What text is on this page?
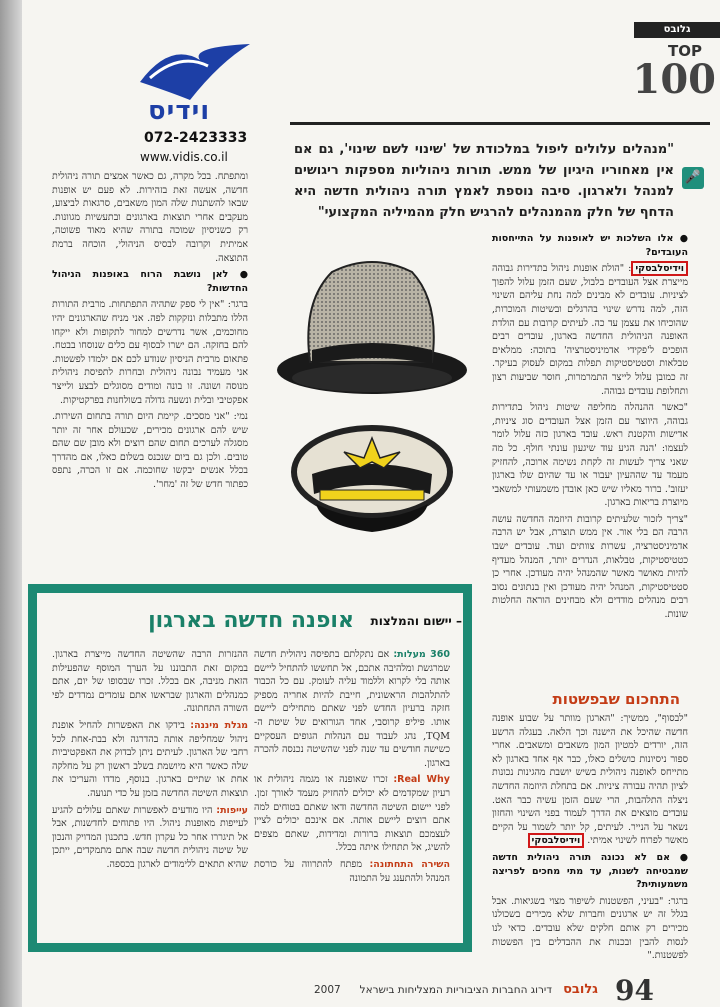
וידיס
072-2423333
www.vidis.co.il
גלובס
TOP
100
🎤
"מנהלים עלולים ליפול במלכודת של 'שינוי לשם שינוי', גם אם אין מאחוריו היגיון של ממש. תורות ניהוליות מספקות ריגושים למנהל ולארגון. סיבה נוספת לאמץ תורה ניהולית חדשה היא הדחף של חלק מהמנהלים להרגיש חלק מהמיליה המקצועי"

● אלו השלכות יש לאופנות על התייחסות העובדים?

וידיסלבסקי: "הולת אופנות ניהול בתדירות גבוהה מייצרת אצל העובדים בלבול, שעם הזמן עלול להפוך לציניות. עובדים לא מבינים למה נחת עליהם השינוי הזה, למה נדרש שינוי בהרגלים ובשיטות המוכרות, שהוכיחו את עצמן עד כה. לעיתים קרובות עם הולדת האופנה הניהולית החדשה בארגון, עובדים רבים הופכים ל'פקידי אדמיניסטרציה' בתוכה: ממלאים טבלאות וסטטיסטיקות תפלות במקום לעסוק בעיקר. זה כמובן עלול לייצר התמרמרות, חוסר שביעות רצון ותחלופת עובדים גבוהה.

"כאשר ההנהלה מחליפה שיטות ניהול בתדירות גבוהה, היווצר עם הזמן אצל העובדים סוג ציניות, אדישות והקטנת ראש. עובד בארגון כזה עלול לומר לעצמו: 'הנה הגיע עוד שיגעון עונתי חולף. כל מה שאני צריך לעשות זה לקחת נשימה ארוכה, להחזיק מעמד עד שההעיון יעבור או עד שהיום שלו בארגון יעזוב'. ברור מאליו שיש כאן אובדן משמעותי למשאבי מיוצרת בריאות בארגון.

"צריך לזכור שלעיתים קרובות היוזמה החדשה עושה הרבה הם בלי אור. אין ממש תוצרת, אבל יש הרבה אדמיניסטרציה, עשרות צוותים ועוד. עובדים ישבו כטטיסטיקות, טבלאות, הנדרים יותר, המנהל מעדיף להיות מאושר מאשר שהמנהל יהיה מעודכן. אחרי כן סטטיסטיקות, המנהל יהיה מעודכן ואין בנתונים נסוב רבים מנהלים מודדים ולא מבחינים הוראה החלטות שונות.

ומתפתח. בכל מקרה, גם כאשר אמצים תורה ניהולית חדשה, אעשה זאת בזהירות. לא פעם יש אופנות שבאו להשתנות שלה המון משאבים, סרגאות לביצוע, מעקבים אחרי תוצאות בארגונים ובתעשיות מגוונות. רק כשניסיון שמוכה בתורה שהיא מאוד פשוטה, אמיתית וקרובה לבסיס הניהולי, הוכחה ברמת התוצאה.

● לאן נושבת הרוח באופנות הניהול החדשות?

ברגר: "אין לי ספק שתהיה התפתחות. מרבית התורות הללו מתבלות ונזקקות לפה. אני מניח שהארגונים יהיו מחוכמים, אשר נדרשים למחור לתקופות ולא ייקחו להם בחזקה. הם ישרו לבסוף עם כלים שנוסחו בבטח. פתאום מרבית הניסיון שנודע לכם אם ילמדו לפשטות. אני מעמיד נבונה ניהולית ובחרות לתפיסת ניהולית מנוסה ושונה. זו בונה ומודים מסוגלים לבצע ולייצר אפקטיבי ובלית ונשעה גדולה בשולחנות בפרקטיקות.

נמי: "אני מסכים. קיימת היום תורה בתחום השירות. שיש להם ארגונים מכירים, שכעולם אחר זה יותר מסגלה לערכים תחום שהם רוצים ולא מובן שם שהם טובים. ולכן גם ביום שנכנס בשלום כאלו, אם מהדרך בכלל אנשים יבקשו שחוכמה. אם זו הכרה, נתפס כפתור חדש של זה 'מחר'.

התחכום שבפשטות

"לבסוף", ממשיך: "הארגון מוותר על שבוע אופנה חדשה שהיכל את הישנה וכך הלאה. בעגלה הרשע הזה, יורדים למטיון המון משאבים ומשאבים. אחרי ספור ניסיונות כושלים כאלו, כבר אף אחד בארגון לא מתייחס לאופנה ניהולית בשיש יושבת מהגינות נכונות לציון תהיה עבורה ציניות. אם בתחלת היוזמה החדשה ניצלה התלהבות, הרי שעם הזמן עשיה כבר האט. עובדים מוצאים את הדרך לעמוד בפני השינוי והחזון נשאר על הנייר. לעיתים, קל יותר לשמור על הקיים מאשר לפרוח לשינוי אמיתי. וידיסלבסקי

● אם לא נכונה תורה ניהולית חדשה שמבטיחה לשנות, עד מתי מחכים לפריצה משמעותית?

ברגר: "בעיני, הפשטנות לשיפור מצוי בשגיאות. אבל בגלל זה יש ארגונים וחברות שלא מכירים בשכולנו מכירים רק אותם חלקים שלא עובדים. כדאי לנו לנסות להבין ובכנות את ההבדלים בין הפשטות לפשטנות."

אופנה חדשה בארגון – יישום והמלצות

360 מעלות: אם נתקלתם בתפיסה ניהולית חדשה שמרגשת ומלהיבה אתכם, אל תחששו להתחיל ליישם אותה בלי לקרוא וללמוד עליה לעומק. עם כל הכבוד להתלהבות הראשונית, חייבת להיות אחריה מספיק חזקה ברעיון החדש לפני שאתם מתחילים ליישם אותו. פיליפ קרוסבי, אחד הגורואים של שיטת ה-TQM, נהג לעבוד עם הנהלות הגופים העסקיים כשישה חודשים עד שנה לפני שהשיטה נכנסה להכרה בארגון.

Real Why: זכרו שאופנה או מגמה ניהולית או רעיון שמקדמים לא יכולים להחזיק מעמד לאורך זמן. לפני יישום השיטה החדשה ודאו שאתם בטוחים למה אתם רוצים ליישם אותה. אם אינכם יכולים לציין לעצמכם תוצאות ברורות ומדידות, שאתם מצפים להשיג, אל תתחילו איתה בכלל.

השירה התחתונה: מפתח להתרווה על כורסת המנהל ולהתענג על התמונה

ההנזרות הרבה שהשיטה החדשה מייצרת בארגון. במקום זאת התבוננו על הערך המוסף שהפעילות הזאת מניבה, אם בכלל. זכרו שבסופו של יום, אתם כמנהלים והארגון שבראשו אתם עומדים נמדדים לפי השורה התחתונה.

מגלת מיננה: בידקו את האפשרות להחיל אופנת ניהול שמחליפה אותה בהדרגה ולא בבת-אחת לכל רחבי של הארגון. לעיתים ניתן לבדוק את האפקטיביות שלה כאשר היא מיושמת בשלב ראשון רק על מחלקה אחת או שתיים בארגון. בנוסף, מדדו והעריכו את תוצאות השיטה החדשה בזמן על כדי תנועה.

עייפות: היו מודעים לאפשרות שאתם עלולים להגיע לעייפות מאופנות ניהול. היו פתוחים לחדשנות, אבל אל תיגררו אחר כל עקרון חדש. בתכנון המדויק והנכון של שיטה ניהולית חדשה שבה אתם מתמקדים, ייתכן שהיא תתאים ללימודים לארגון בכספה.

94
גלובס
דירוג החברות הציבוריות המצליחות בישראל
2007
